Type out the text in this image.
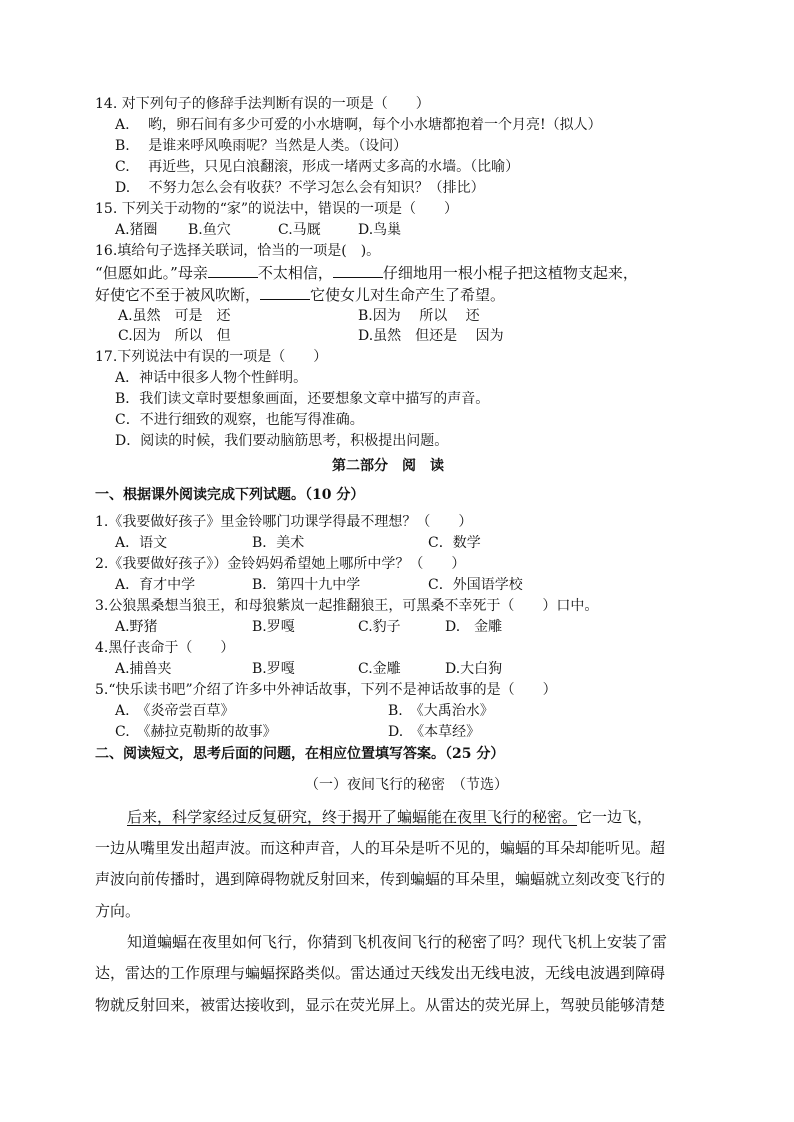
14. 对下列句子的修辞手法判断有误的一项是（　　）
A.　 哟，卵石间有多少可爱的小水塘啊，每个小水塘都抱着一个月亮!（拟人）
B.　 是谁来呼风唤雨呢？当然是人类。（设问）
C.　 再近些，只见白浪翻滚，形成一堵两丈多高的水墙。（比喻）
D.　 不努力怎么会有收获？不学习怎么会有知识？（排比）
15. 下列关于动物的“家”的说法中，错误的一项是（　　）
A.猪圈 B.鱼穴	C.马厩	D.鸟巢
16.填给句子选择关联词，恰当的一项是(　)。
“但愿如此。”母亲	不太相信，	仔细地用一根小棍子把这植物支起来，
好使它不至于被风吹断，	它使女儿对生命产生了希望。
A.虽然　可是　还	B.因为　 所以　 还
C.因为　所以　但	D.虽然　但还是　 因为
17.下列说法中有误的一项是（　　）
A．神话中很多人物个性鲜明。
B．我们读文章时要想象画面，还要想象文章中描写的声音。
C．不进行细致的观察，也能写得准确。
D．阅读的时候，我们要动脑筋思考，积极提出问题。
第二部分　阅　读
一、根据课外阅读完成下列试题。（10 分）
1.《我要做好孩子》里金铃哪门功课学得最不理想？（　　）
A．语文	B．美术	C．数学
2.《我要做好孩子》）金铃妈妈希望她上哪所中学？（　　）
A．育才中学	B．第四十九中学	C．外国语学校
3.公狼黑桑想当狼王，和母狼紫岚一起推翻狼王，可黑桑不幸死于（　　）口中。
A.野猪	B.罗嘎	C.豹子	D.　金雕
4.黑仔丧命于（　　）
A.捕兽夹	B.罗嘎	C.金雕	D.大白狗
5.“快乐读书吧”介绍了许多中外神话故事，下列不是神话故事的是（　　）
A.　《炎帝尝百草》	B.　《大禹治水》
C.　《赫拉克勒斯的故事》	D.　《本草经》
二、阅读短文，思考后面的问题，在相应位置填写答案。（25 分）
（一）夜间飞行的秘密　（节选）
后来，科学家经过反复研究，终于揭开了蝙蝠能在夜里飞行的秘密。它一边飞，
一边从嘴里发出超声波。而这种声音，人的耳朵是听不见的，蝙蝠的耳朵却能听见。超
声波向前传播时，遇到障碍物就反射回来，传到蝙蝠的耳朵里，蝙蝠就立刻改变飞行的
方向。
知道蝙蝠在夜里如何飞行，你猜到飞机夜间飞行的秘密了吗？现代飞机上安装了雷
达，雷达的工作原理与蝙蝠探路类似。雷达通过天线发出无线电波，无线电波遇到障碍
物就反射回来，被雷达接收到，显示在荧光屏上。从雷达的荧光屏上，驾驶员能够清楚
